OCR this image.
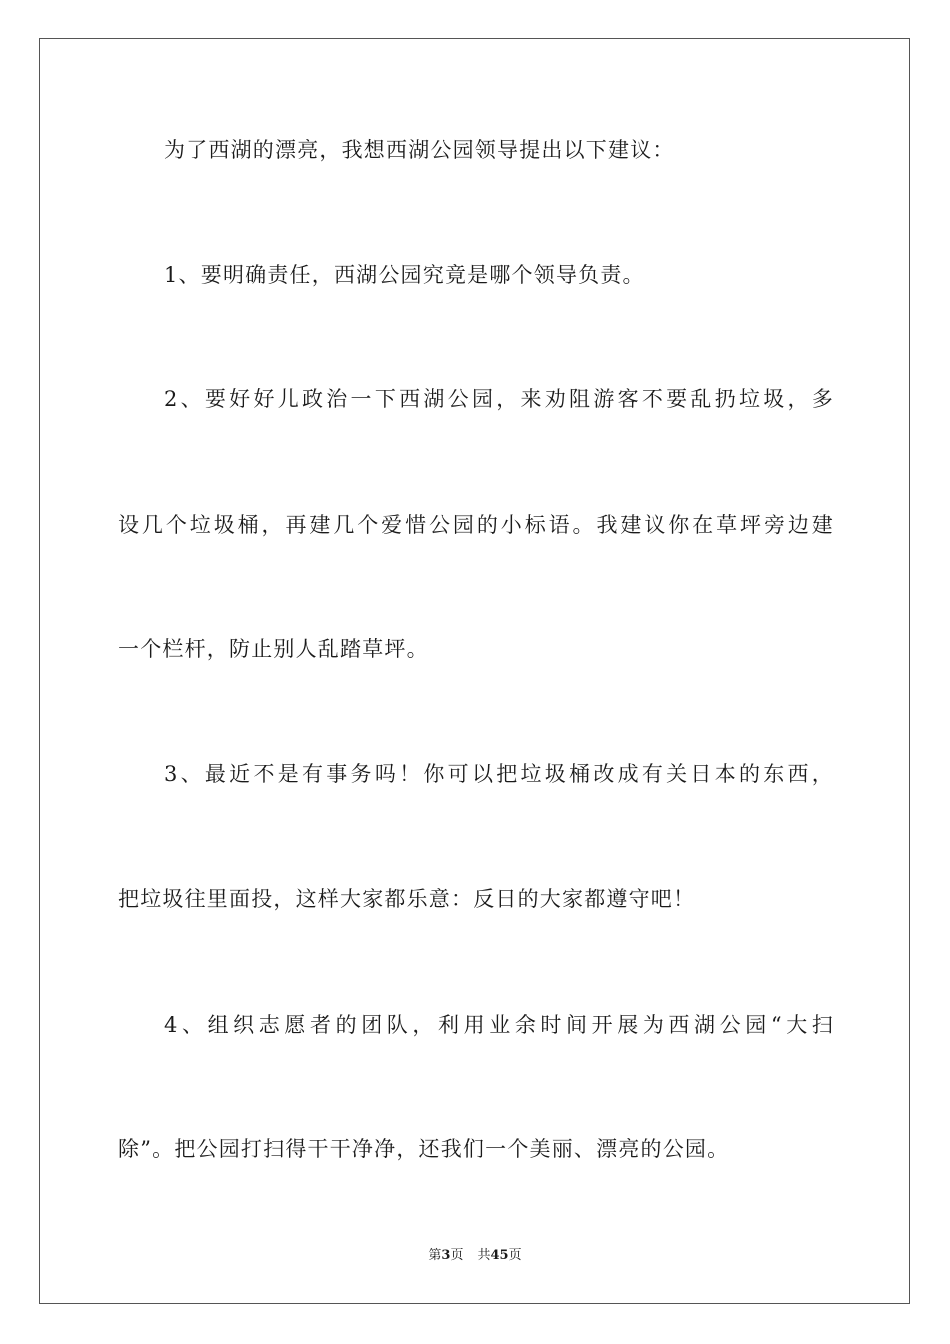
为了西湖的漂亮，我想西湖公园领导提出以下建议：
1、要明确责任，西湖公园究竟是哪个领导负责。
2、要好好儿政治一下西湖公园，来劝阻游客不要乱扔垃圾，多
设几个垃圾桶，再建几个爱惜公园的小标语。我建议你在草坪旁边建
一个栏杆，防止别人乱踏草坪。
3、最近不是有事务吗！你可以把垃圾桶改成有关日本的东西，
把垃圾往里面投，这样大家都乐意：反日的大家都遵守吧！
4、组织志愿者的团队，利用业余时间开展为西湖公园“大扫
除”。把公园打扫得干干净净，还我们一个美丽、漂亮的公园。
第3页 共45页
